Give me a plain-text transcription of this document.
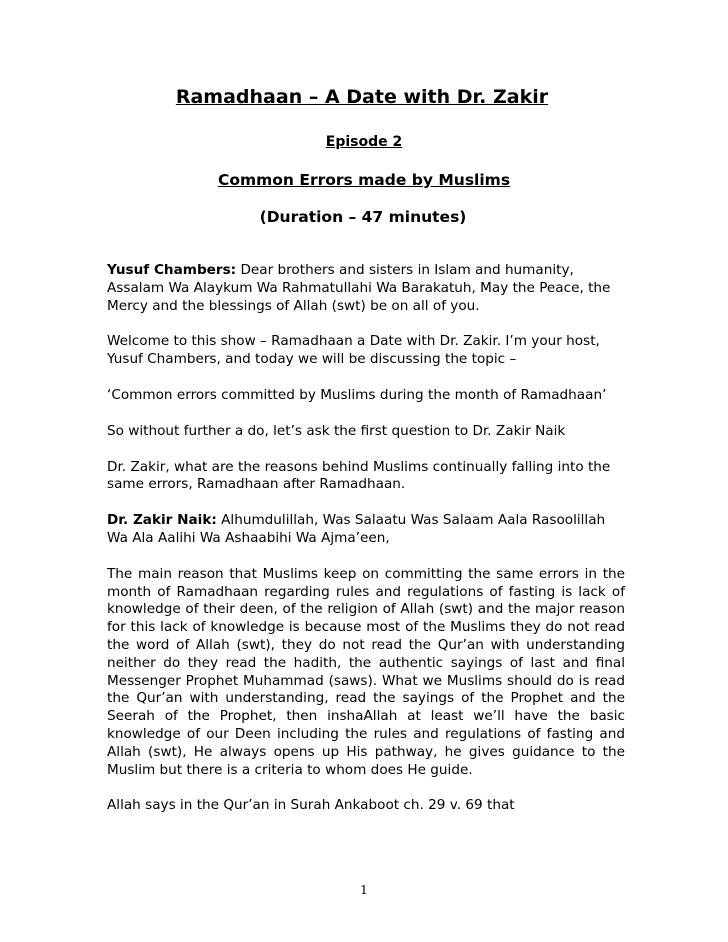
Ramadhaan – A Date with Dr. Zakir
Episode 2
Common Errors made by Muslims
(Duration – 47 minutes)

Yusuf Chambers: Dear brothers and sisters in Islam and humanity, Assalam Wa Alaykum Wa Rahmatullahi Wa Barakatuh, May the Peace, the Mercy and the blessings of Allah (swt) be on all of you.

Welcome to this show – Ramadhaan a Date with Dr. Zakir. I’m your host, Yusuf Chambers, and today we will be discussing the topic –

‘Common errors committed by Muslims during the month of Ramadhaan’

So without further a do, let’s ask the first question to Dr. Zakir Naik

Dr. Zakir, what are the reasons behind Muslims continually falling into the same errors, Ramadhaan after Ramadhaan.

Dr. Zakir Naik: Alhumdulillah, Was Salaatu Was Salaam Aala Rasoolillah Wa Ala Aalihi Wa Ashaabihi Wa Ajma’een,

The main reason that Muslims keep on committing the same errors in the month of Ramadhaan regarding rules and regulations of fasting is lack of knowledge of their deen, of the religion of Allah (swt) and the major reason for this lack of knowledge is because most of the Muslims they do not read the word of Allah (swt), they do not read the Qur’an with understanding neither do they read the hadith, the authentic sayings of last and final Messenger Prophet Muhammad (saws). What we Muslims should do is read the Qur’an with understanding, read the sayings of the Prophet and the Seerah of the Prophet, then inshaAllah at least we’ll have the basic knowledge of our Deen including the rules and regulations of fasting and Allah (swt), He always opens up His pathway, he gives guidance to the Muslim but there is a criteria to whom does He guide.

Allah says in the Qur’an in Surah Ankaboot ch. 29 v. 69 that

1
